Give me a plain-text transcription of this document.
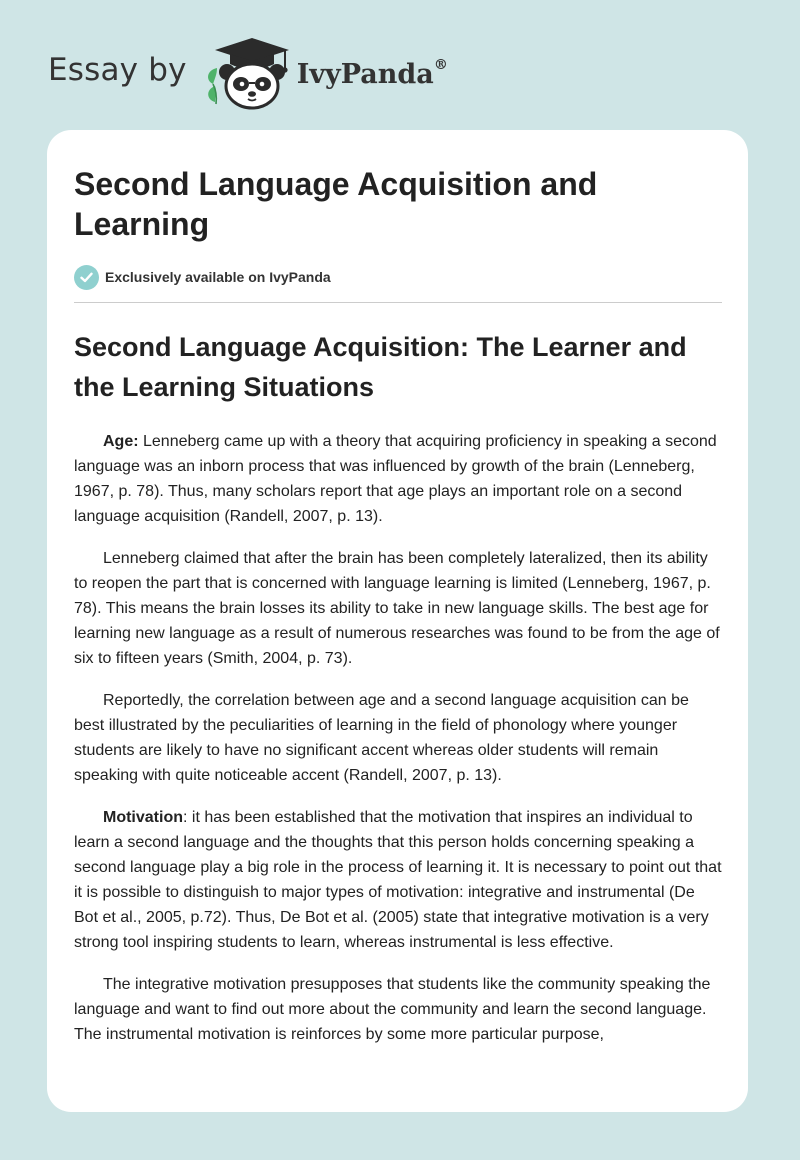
Essay by	IvyPanda®
Second Language Acquisition and Learning
Exclusively available on IvyPanda
Second Language Acquisition: The Learner and the Learning Situations

Age: Lenneberg came up with a theory that acquiring proficiency in speaking a second language was an inborn process that was influenced by growth of the brain (Lenneberg, 1967, p. 78). Thus, many scholars report that age plays an important role on a second language acquisition (Randell, 2007, p. 13).

Lenneberg claimed that after the brain has been completely lateralized, then its ability to reopen the part that is concerned with language learning is limited (Lenneberg, 1967, p. 78). This means the brain losses its ability to take in new language skills. The best age for learning new language as a result of numerous researches was found to be from the age of six to fifteen years (Smith, 2004, p. 73).

Reportedly, the correlation between age and a second language acquisition can be best illustrated by the peculiarities of learning in the field of phonology where younger students are likely to have no significant accent whereas older students will remain speaking with quite noticeable accent (Randell, 2007, p. 13).

Motivation: it has been established that the motivation that inspires an individual to learn a second language and the thoughts that this person holds concerning speaking a second language play a big role in the process of learning it. It is necessary to point out that it is possible to distinguish to major types of motivation: integrative and instrumental (De Bot et al., 2005, p.72). Thus, De Bot et al. (2005) state that integrative motivation is a very strong tool inspiring students to learn, whereas instrumental is less effective.

The integrative motivation presupposes that students like the community speaking the language and want to find out more about the community and learn the second language. The instrumental motivation is reinforces by some more particular purpose,
